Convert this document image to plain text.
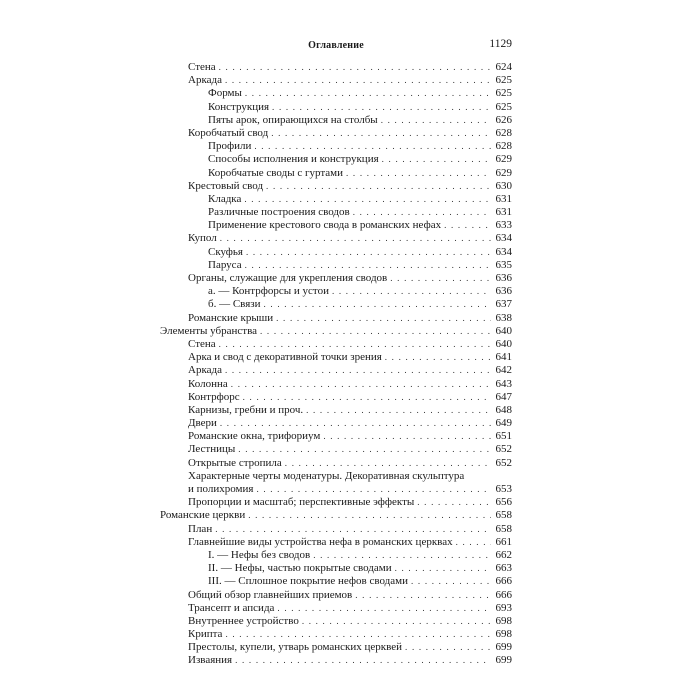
Оглавление	1129
Стена . . .	624
Аркада . . .	625
Формы . . .	625
Конструкция . . .	625
Пяты арок, опирающихся на столбы . . .	626
Коробчатый свод . . .	628
Профили . . .	628
Способы исполнения и конструкция . . .	629
Коробчатые своды с гуртами . . .	629
Крестовый свод . . .	630
Кладка . . .	631
Различные построения сводов . . .	631
Применение крестового свода в романских нефах . . .	633
Купол . . .	634
Скуфья . . .	634
Паруса . . .	635
Органы, служащие для укрепления сводов . . .	636
а. — Контрфорсы и устои . . .	636
б. — Связи . . .	637
Романские крыши . . .	638
Элементы убранства . . .	640
Стена . . .	640
Арка и свод с декоративной точки зрения . . .	641
Аркада . . .	642
Колонна . . .	643
Контрфорс . . .	647
Карнизы, гребни и проч. . . .	648
Двери . . .	649
Романские окна, трифориум . . .	651
Лестницы . . .	652
Открытые стропила . . .	652
Характерные черты моденатуры. Декоративная скульптура
и полихромия . . .	653
Пропорции и масштаб; перспективные эффекты . . .	656
Романские церкви . . .	658
План . . .	658
Главнейшие виды устройства нефа в романских церквах . . .	661
I. — Нефы без сводов . . .	662
II. — Нефы, частью покрытые сводами . . .	663
III. — Сплошное покрытие нефов сводами . . .	666
Общий обзор главнейших приемов . . .	666
Трансепт и апсида . . .	693
Внутреннее устройство . . .	698
Крипта . . .	698
Престолы, купели, утварь романских церквей . . .	699
Изваяния . . .	699
